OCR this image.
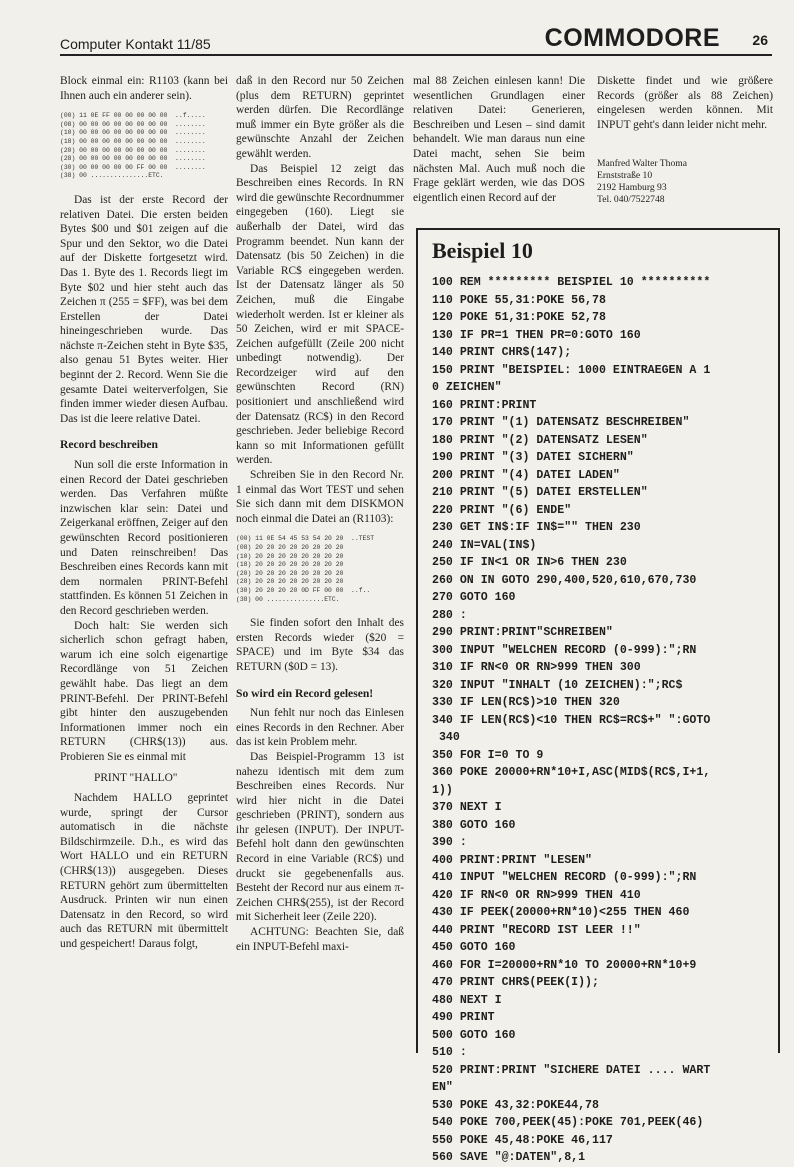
Computer Kontakt 11/85	COMMODORE 26

Block einmal ein: R1103 (kann bei Ihnen auch ein anderer sein).

(00) 11 0E FF 00 00 00 00 00  ..f.....
(08) 00 00 00 00 00 00 00 00  ........
(10) 00 00 00 00 00 00 00 00  ........
(18) 00 00 00 00 00 00 00 00  ........
(20) 00 00 00 00 00 00 00 00  ........
(28) 00 00 00 00 00 00 00 00  ........
(30) 00 00 00 00 00 FF 00 00  ........
(38) 00 ...............ETC.

Das ist der erste Record der relativen Datei. Die ersten beiden Bytes $00 und $01 zeigen auf die Spur und den Sektor, wo die Datei auf der Diskette fortgesetzt wird. Das 1. Byte des 1. Records liegt im Byte $02 und hier steht auch das Zeichen π (255 = $FF), was bei dem Erstellen der Datei hineingeschrieben wurde. Das nächste π-Zeichen steht in Byte $35, also genau 51 Bytes weiter. Hier beginnt der 2. Record. Wenn Sie die gesamte Datei weiterverfolgen, Sie finden immer wieder diesen Aufbau. Das ist die leere relative Datei.

Record beschreiben

Nun soll die erste Information in einen Record der Datei geschrieben werden. Das Verfahren müßte inzwischen klar sein: Datei und Zeigerkanal eröffnen, Zeiger auf den gewünschten Record positionieren und Daten reinschreiben! Das Beschreiben eines Records kann mit dem normalen PRINT-Befehl stattfinden. Es können 51 Zeichen in den Record geschrieben werden.

Doch halt: Sie werden sich sicherlich schon gefragt haben, warum ich eine solch eigenartige Recordlänge von 51 Zeichen gewählt habe. Das liegt an dem PRINT-Befehl. Der PRINT-Befehl gibt hinter den auszugebenden Informationen immer noch ein RETURN (CHR$(13)) aus. Probieren Sie es einmal mit

PRINT "HALLO"

Nachdem HALLO geprintet wurde, springt der Cursor automatisch in die nächste Bildschirmzeile. D.h., es wird das Wort HALLO und ein RETURN (CHR$(13)) ausgegeben. Dieses RETURN gehört zum übermittelten Ausdruck. Printen wir nun einen Datensatz in den Record, so wird auch das RETURN mit übermittelt und gespeichert! Daraus folgt,

daß in den Record nur 50 Zeichen (plus dem RETURN) geprintet werden dürfen. Die Recordlänge muß immer ein Byte größer als die gewünschte Anzahl der Zeichen gewählt werden.

Das Beispiel 12 zeigt das Beschreiben eines Records. In RN wird die gewünschte Recordnummer eingegeben (160). Liegt sie außerhalb der Datei, wird das Programm beendet. Nun kann der Datensatz (bis 50 Zeichen) in die Variable RC$ eingegeben werden. Ist der Datensatz länger als 50 Zeichen, muß die Eingabe wiederholt werden. Ist er kleiner als 50 Zeichen, wird er mit SPACE-Zeichen aufgefüllt (Zeile 200 nicht unbedingt notwendig). Der Recordzeiger wird auf den gewünschten Record (RN) positioniert und anschließend wird der Datensatz (RC$) in den Record geschrieben. Jeder beliebige Record kann so mit Informationen gefüllt werden.

Schreiben Sie in den Record Nr. 1 einmal das Wort TEST und sehen Sie sich dann mit dem DISKMON noch einmal die Datei an (R1103):

(00) 11 0E 54 45 53 54 20 20  ..TEST
(08) 20 20 20 20 20 20 20 20
(10) 20 20 20 20 20 20 20 20
(18) 20 20 20 20 20 20 20 20
(20) 20 20 20 20 20 20 20 20
(28) 20 20 20 20 20 20 20 20
(30) 20 20 20 20 0D FF 00 00  ..f..
(38) 00 ...............ETC.

Sie finden sofort den Inhalt des ersten Records wieder ($20 = SPACE) und im Byte $34 das RETURN ($0D = 13).

So wird ein Record gelesen!

Nun fehlt nur noch das Einlesen eines Records in den Rechner. Aber das ist kein Problem mehr.

Das Beispiel-Programm 13 ist nahezu identisch mit dem zum Beschreiben eines Records. Nur wird hier nicht in die Datei geschrieben (PRINT), sondern aus ihr gelesen (INPUT). Der INPUT-Befehl holt dann den gewünschten Record in eine Variable (RC$) und druckt sie gegebenenfalls aus. Besteht der Record nur aus einem π-Zeichen CHR$(255), ist der Record mit Sicherheit leer (Zeile 220).

ACHTUNG: Beachten Sie, daß ein INPUT-Befehl maxi-

mal 88 Zeichen einlesen kann! Die wesentlichen Grundlagen einer relativen Datei: Generieren, Beschreiben und Lesen – sind damit behandelt. Wie man daraus nun eine Datei macht, sehen Sie beim nächsten Mal. Auch muß noch die Frage geklärt werden, wie das DOS eigentlich einen Record auf der

Diskette findet und wie größere Records (größer als 88 Zeichen) eingelesen werden können. Mit INPUT geht's dann leider nicht mehr.

Manfred Walter Thoma
Ernststraße 10
2192 Hamburg 93
Tel. 040/7522748
Beispiel 10
100 REM ********* BEISPIEL 10 **********
110 POKE 55,31:POKE 56,78
120 POKE 51,31:POKE 52,78
130 IF PR=1 THEN PR=0:GOTO 160
140 PRINT CHR$(147);
150 PRINT "BEISPIEL: 1000 EINTRAEGEN A 1
0 ZEICHEN"
160 PRINT:PRINT
170 PRINT "(1) DATENSATZ BESCHREIBEN"
180 PRINT "(2) DATENSATZ LESEN"
190 PRINT "(3) DATEI SICHERN"
200 PRINT "(4) DATEI LADEN"
210 PRINT "(5) DATEI ERSTELLEN"
220 PRINT "(6) ENDE"
230 GET IN$:IF IN$="" THEN 230
240 IN=VAL(IN$)
250 IF IN<1 OR IN>6 THEN 230
260 ON IN GOTO 290,400,520,610,670,730
270 GOTO 160
280 :
290 PRINT:PRINT"SCHREIBEN"
300 INPUT "WELCHEN RECORD (0-999):";RN
310 IF RN<0 OR RN>999 THEN 300
320 INPUT "INHALT (10 ZEICHEN):";RC$
330 IF LEN(RC$)>10 THEN 320
340 IF LEN(RC$)<10 THEN RC$=RC$+" ":GOTO
340
350 FOR I=0 TO 9
360 POKE 20000+RN*10+I,ASC(MID$(RC$,I+1,
1))
370 NEXT I
380 GOTO 160
390 :
400 PRINT:PRINT "LESEN"
410 INPUT "WELCHEN RECORD (0-999):";RN
420 IF RN<0 OR RN>999 THEN 410
430 IF PEEK(20000+RN*10)<255 THEN 460
440 PRINT "RECORD IST LEER !!"
450 GOTO 160
460 FOR I=20000+RN*10 TO 20000+RN*10+9
470 PRINT CHR$(PEEK(I));
480 NEXT I
490 PRINT
500 GOTO 160
510 :
520 PRINT:PRINT "SICHERE DATEI .... WART
EN"
530 POKE 43,32:POKE44,78
540 POKE 700,PEEK(45):POKE 701,PEEK(46)
550 POKE 45,48:POKE 46,117
560 SAVE "@:DATEN",8,1
